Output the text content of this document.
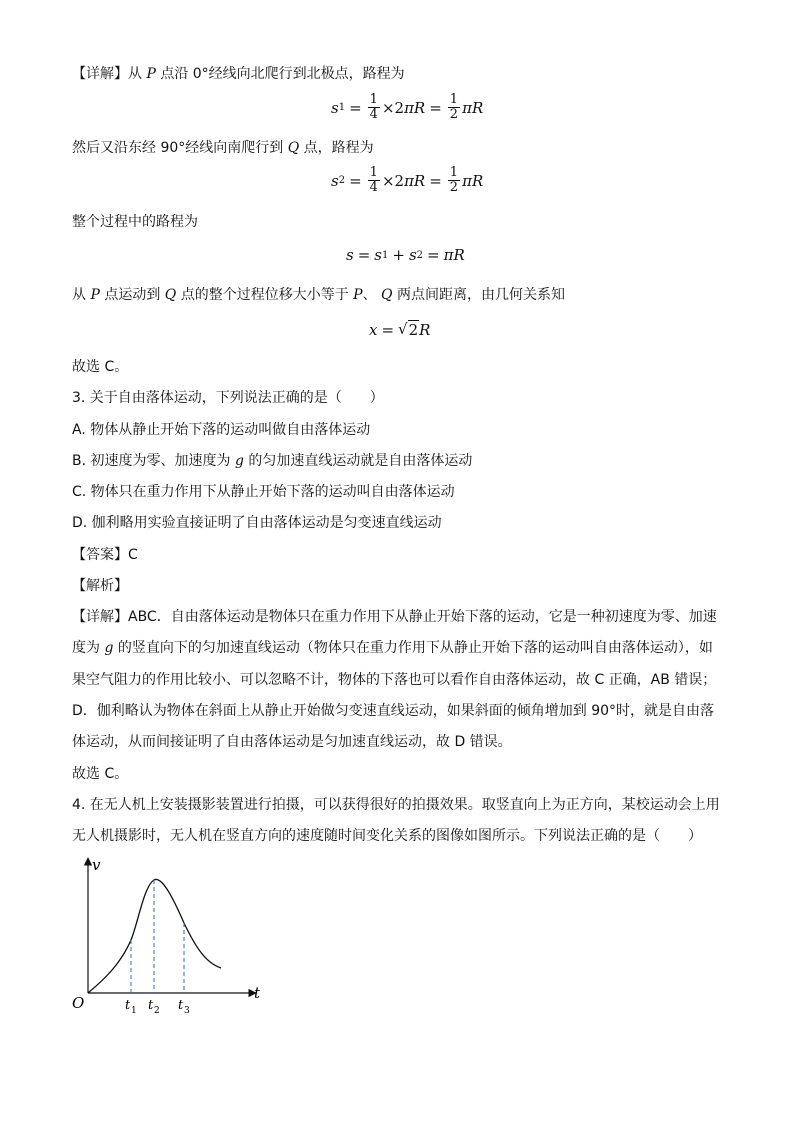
【详解】从 P 点沿 0°经线向北爬行到北极点，路程为
s $1 = \frac{1}{4} \times 2$ π $R = \frac{1}{2}$ π R
然后又沿东经 90°经线向南爬行到 Q 点，路程为
s $2 = \frac{1}{4} \times 2$ π $R = \frac{1}{2}$ π R
整个过程中的路程为
s = s 1 + s 2 = π R
从 P 点运动到 Q 点的整个过程位移大小等于 P、 Q 两点间距离，由几何关系知
x = √ 2 R
故选 C。
3. 关于自由落体运动，下列说法正确的是（　　）
A. 物体从静止开始下落的运动叫做自由落体运动
B. 初速度为零、加速度为 g 的匀加速直线运动就是自由落体运动
C. 物体只在重力作用下从静止开始下落的运动叫自由落体运动
D. 伽利略用实验直接证明了自由落体运动是匀变速直线运动
【答案】C
【解析】
【详解】ABC．自由落体运动是物体只在重力作用下从静止开始下落的运动，它是一种初速度为零、加速
度为 g 的竖直向下的匀加速直线运动（物体只在重力作用下从静止开始下落的运动叫自由落体运动），如
果空气阻力的作用比较小、可以忽略不计，物体的下落也可以看作自由落体运动，故 C 正确，AB 错误；
D．伽利略认为物体在斜面上从静止开始做匀变速直线运动，如果斜面的倾角增加到 90°时，就是自由落
体运动，从而间接证明了自由落体运动是匀加速直线运动，故 D 错误。
故选 C。
4. 在无人机上安装摄影装置进行拍摄，可以获得很好的拍摄效果。取竖直向上为正方向，某校运动会上用
无人机摄影时，无人机在竖直方向的速度随时间变化关系的图像如图所示。下列说法正确的是（　　）
v
t
O	t 1 t 2 t 3
